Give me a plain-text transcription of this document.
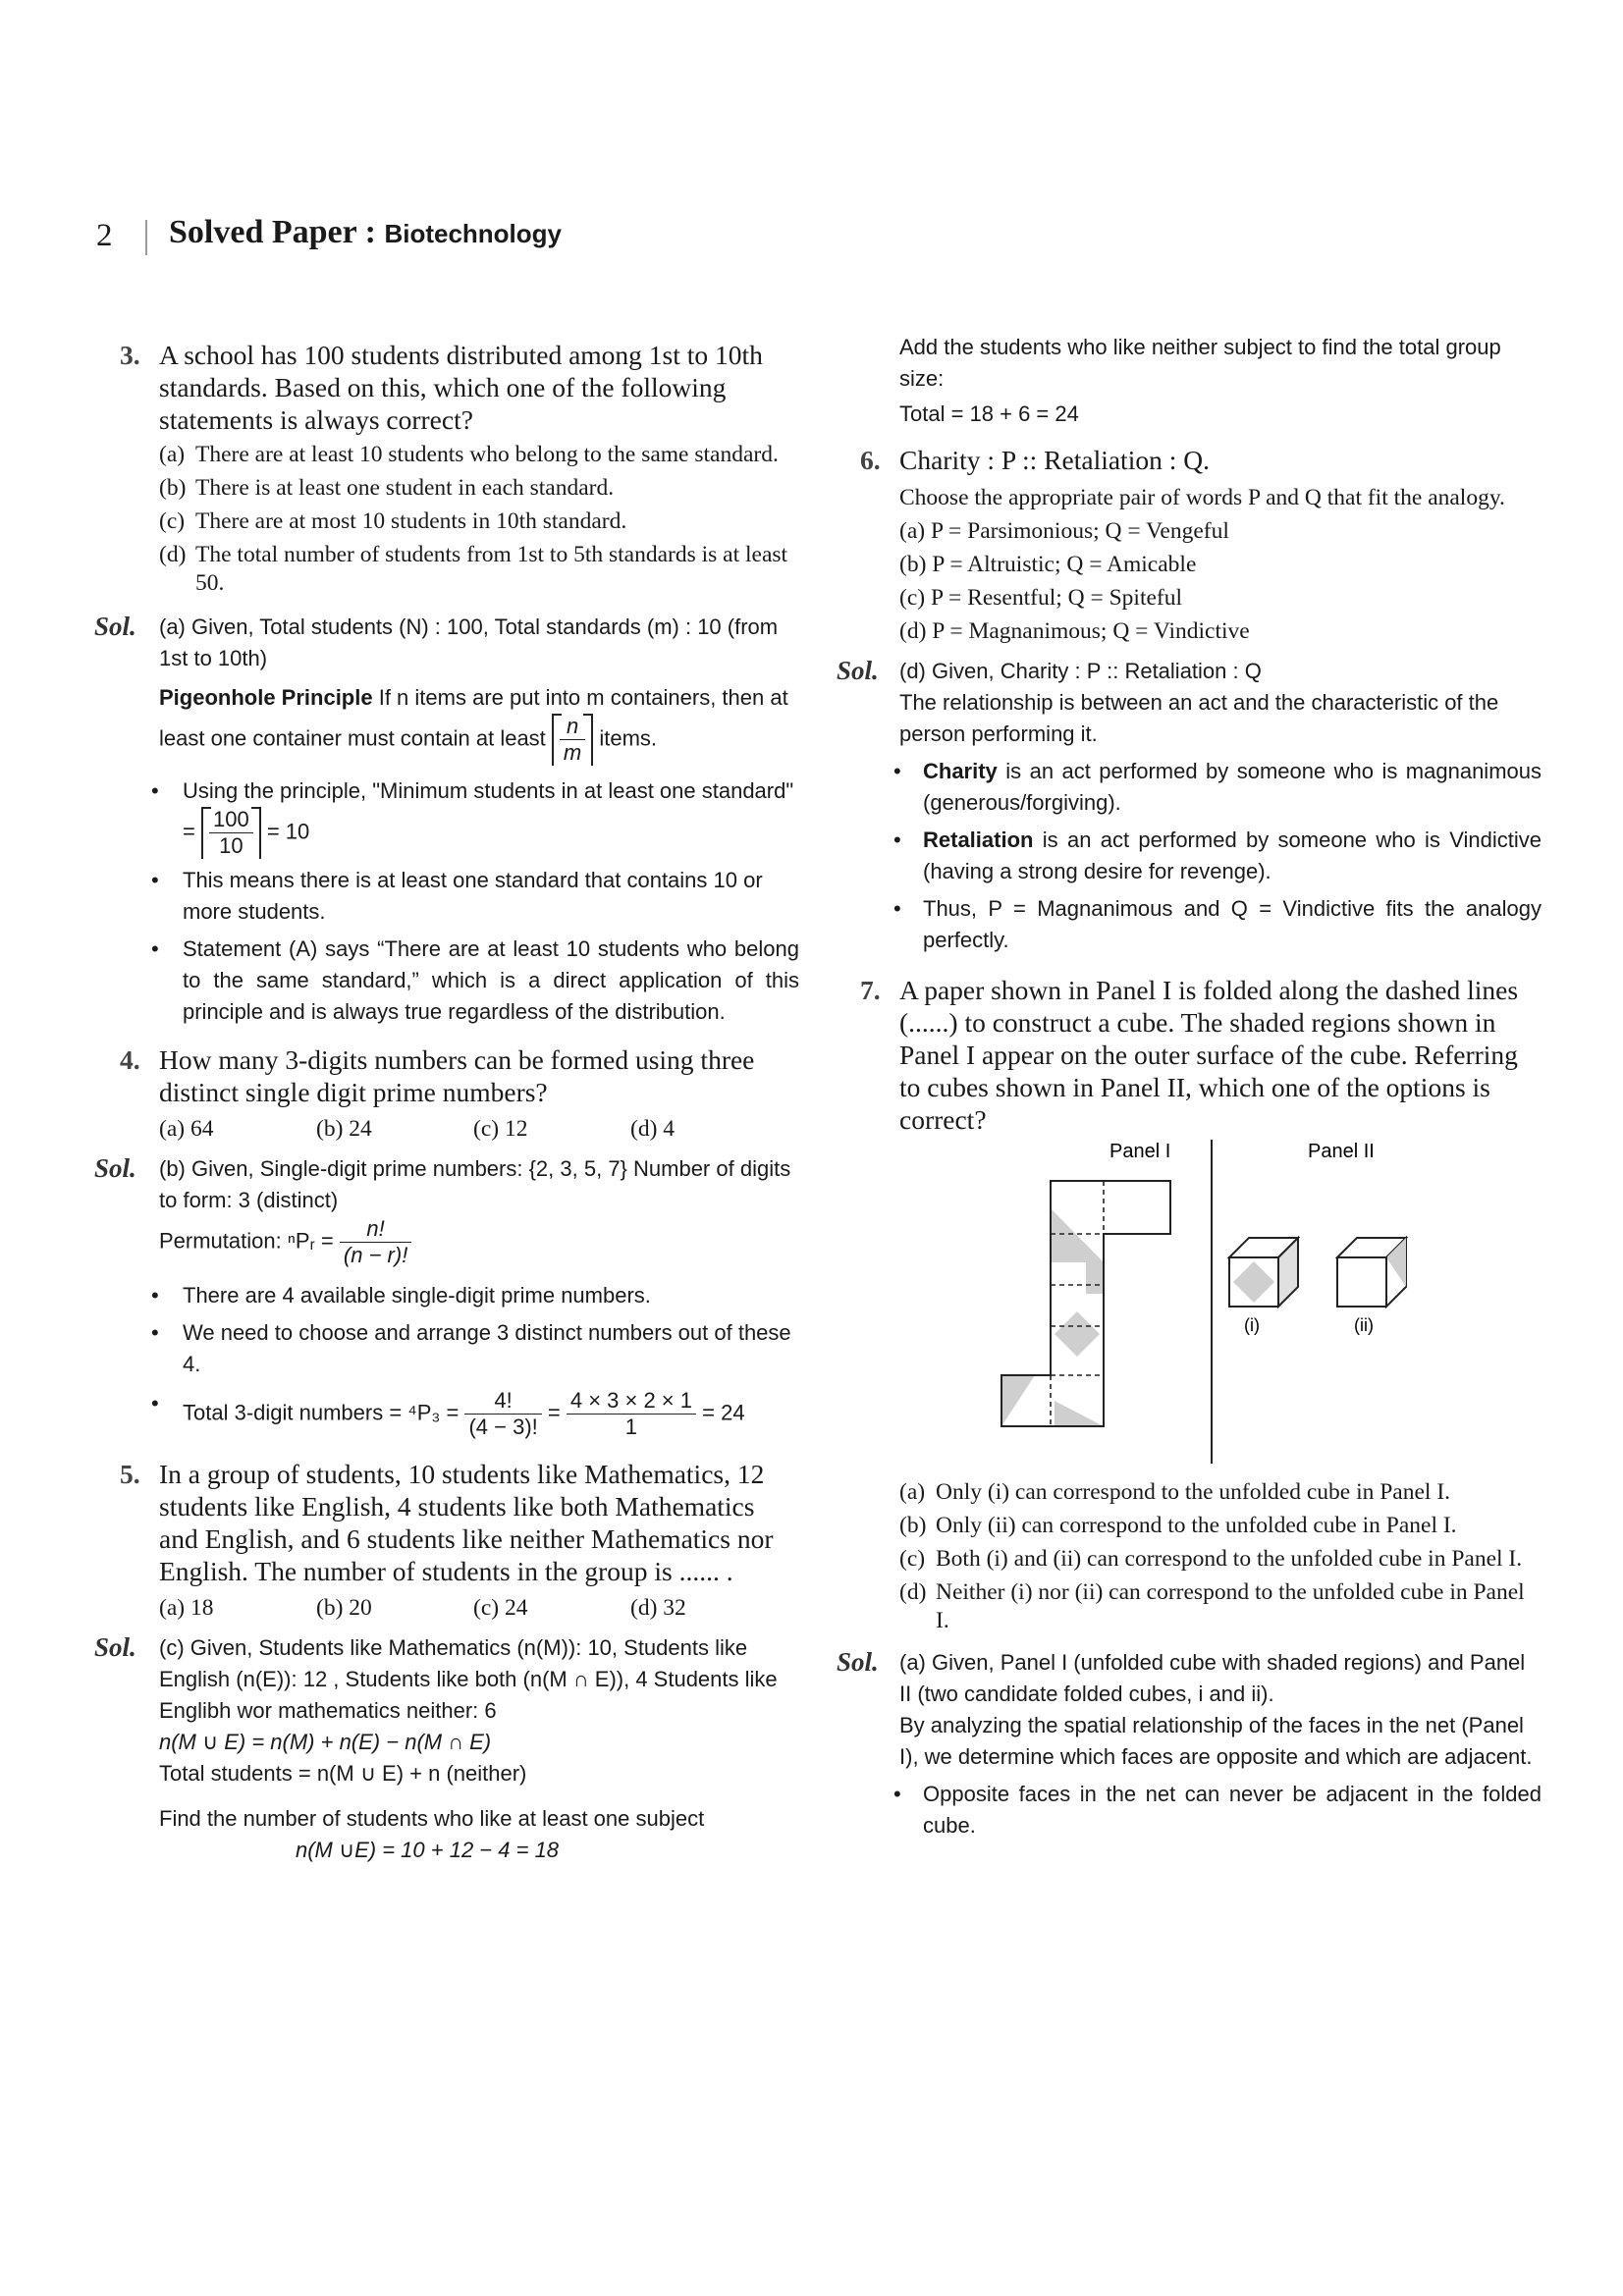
2 Solved Paper : Biotechnology
3. A school has 100 students distributed among 1st to 10th standards. Based on this, which one of the following statements is always correct?
(a) There are at least 10 students who belong to the same standard.
(b) There is at least one student in each standard.
(c) There are at most 10 students in 10th standard.
(d) The total number of students from 1st to 5th standards is at least 50.
Sol. (a) Given, Total students (N) : 100, Total standards (m) : 10 (from 1st to 10th)
Pigeonhole Principle If n items are put into m containers, then at least one container must contain at least $\frac{n}{m}$ items.
• Using the principle, "Minimum students in at least one standard" = $\frac{100}{10} = 10$
• This means there is at least one standard that contains 10 or more students.
• Statement (A) says “There are at least 10 students who belong to the same standard,” which is a direct application of this principle and is always true regardless of the distribution.
4. How many 3-digits numbers can be formed using three distinct single digit prime numbers?
(a) 64	(b) 24	(c) 12	(d) 4
Sol. (b) Given, Single-digit prime numbers: {2, 3, 5, 7} Number of digits to form: 3 (distinct)
Permutation: ⁿPᵣ = $\frac{n!}{(n - r)!}$
• There are 4 available single-digit prime numbers.
• We need to choose and arrange 3 distinct numbers out of these 4.
• Total 3-digit numbers = $^4P_3 = \frac{4!}{(4 - 3)!} = \frac{4 \times 3 \times 2 \times 1}{1} = 24$
5. In a group of students, 10 students like Mathematics, 12 students like English, 4 students like both Mathematics and English, and 6 students like neither Mathematics nor English. The number of students in the group is ...... .
(a) 18	(b) 20	(c) 24	(d) 32
Sol. (c) Given, Students like Mathematics (n(M)): 10, Students like English (n(E)): 12 , Students like both (n(M ∩ E)), 4 Students like Englibh wor mathematics neither: 6
n(M ∪ E) = n(M) + n(E) − n(M ∩ E)
Total students = n(M ∪ E) + n (neither)
Find the number of students who like at least one subject
n(M ∪E) = 10 + 12 − 4 = 18
Add the students who like neither subject to find the total group size:
Total = 18 + 6 = 24
6. Charity : P :: Retaliation : Q.
Choose the appropriate pair of words P and Q that fit the analogy.
(a) P = Parsimonious; Q = Vengeful
(b) P = Altruistic; Q = Amicable
(c) P = Resentful; Q = Spiteful
(d) P = Magnanimous; Q = Vindictive
Sol. (d) Given, Charity : P :: Retaliation : Q
The relationship is between an act and the characteristic of the person performing it.
• Charity is an act performed by someone who is magnanimous (generous/forgiving).
• Retaliation is an act performed by someone who is Vindictive (having a strong desire for revenge).
• Thus, P = Magnanimous and Q = Vindictive fits the analogy perfectly.
7. A paper shown in Panel I is folded along the dashed lines (......) to construct a cube. The shaded regions shown in Panel I appear on the outer surface of the cube. Referring to cubes shown in Panel II, which one of the options is correct?
Panel I	Panel II
(i)	(ii)
(a) Only (i) can correspond to the unfolded cube in Panel I.
(b) Only (ii) can correspond to the unfolded cube in Panel I.
(c) Both (i) and (ii) can correspond to the unfolded cube in Panel I.
(d) Neither (i) nor (ii) can correspond to the unfolded cube in Panel I.
Sol. (a) Given, Panel I (unfolded cube with shaded regions) and Panel II (two candidate folded cubes, i and ii).
By analyzing the spatial relationship of the faces in the net (Panel I), we determine which faces are opposite and which are adjacent.
• Opposite faces in the net can never be adjacent in the folded cube.
